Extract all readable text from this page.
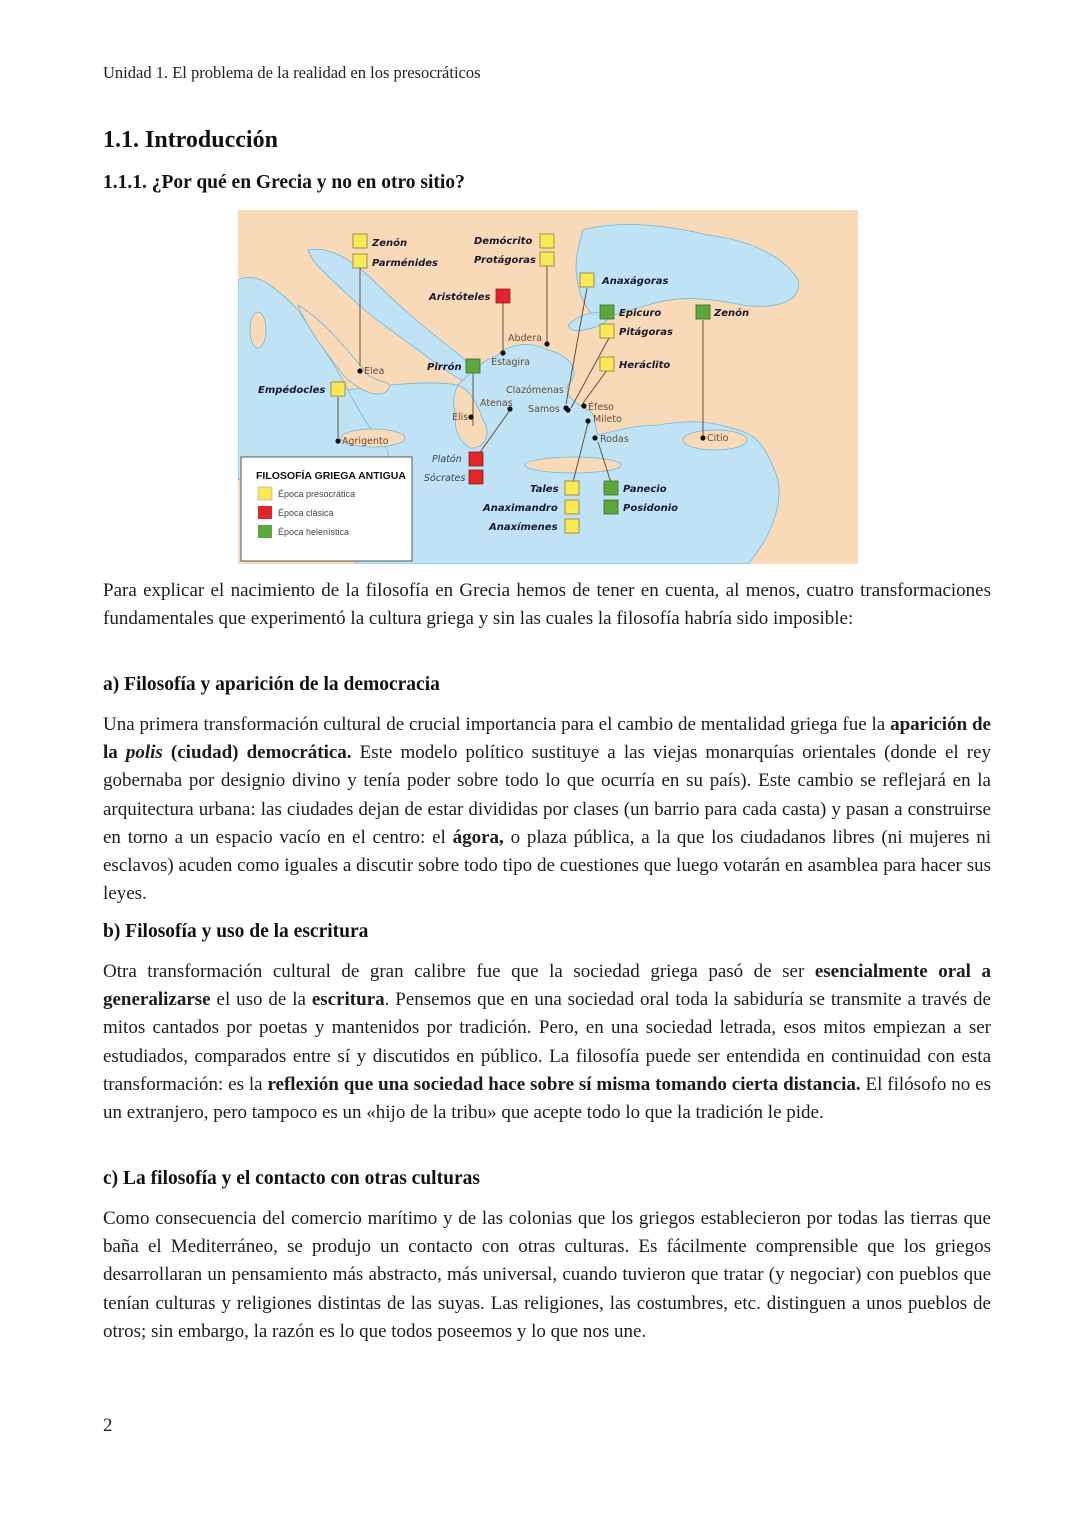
Unidad 1. El problema de la realidad en los presocráticos
1.1. Introducción
1.1.1. ¿Por qué en Grecia y no en otro sitio?
Elea
Abdera
Estagira
Clazómenas
Atenas
Samos	Éfeso
Elis	Mileto
Agrigento	Rodas	Citio
Zenón
Parménides
Demócrito
Protágoras
Aristóteles
Anaxágoras
Epicuro
Pitágoras
Zenón
Heráclito
Pirrón
Empédocles
Platón
Sócrates
Tales
Anaximandro
Anaxímenes
Panecio
Posidonio
FILOSOFÍA GRIEGA ANTIGUA
Época presocrática
Época clásica
Época helenística

Para explicar el nacimiento de la filosofía en Grecia hemos de tener en cuenta, al menos, cuatro transformaciones fundamentales que experimentó la cultura griega y sin las cuales la filosofía habría sido imposible:

a) Filosofía y aparición de la democracia

Una primera transformación cultural de crucial importancia para el cambio de mentalidad griega fue la aparición de la polis (ciudad) democrática. Este modelo político sustituye a las viejas monarquías orientales (donde el rey gobernaba por designio divino y tenía poder sobre todo lo que ocurría en su país). Este cambio se reflejará en la arquitectura urbana: las ciudades dejan de estar divididas por clases (un barrio para cada casta) y pasan a construirse en torno a un espacio vacío en el centro: el ágora, o plaza pública, a la que los ciudadanos libres (ni mujeres ni esclavos) acuden como iguales a discutir sobre todo tipo de cuestiones que luego votarán en asamblea para hacer sus leyes.

b) Filosofía y uso de la escritura

Otra transformación cultural de gran calibre fue que la sociedad griega pasó de ser esencialmente oral a generalizarse el uso de la escritura. Pensemos que en una sociedad oral toda la sabiduría se transmite a través de mitos cantados por poetas y mantenidos por tradición. Pero, en una sociedad letrada, esos mitos empiezan a ser estudiados, comparados entre sí y discutidos en público. La filosofía puede ser entendida en continuidad con esta transformación: es la reflexión que una sociedad hace sobre sí misma tomando cierta distancia. El filósofo no es un extranjero, pero tampoco es un «hijo de la tribu» que acepte todo lo que la tradición le pide.

c) La filosofía y el contacto con otras culturas

Como consecuencia del comercio marítimo y de las colonias que los griegos establecieron por todas las tierras que baña el Mediterráneo, se produjo un contacto con otras culturas. Es fácilmente comprensible que los griegos desarrollaran un pensamiento más abstracto, más universal, cuando tuvieron que tratar (y negociar) con pueblos que tenían culturas y religiones distintas de las suyas. Las religiones, las costumbres, etc. distinguen a unos pueblos de otros; sin embargo, la razón es lo que todos poseemos y lo que nos une.

2
